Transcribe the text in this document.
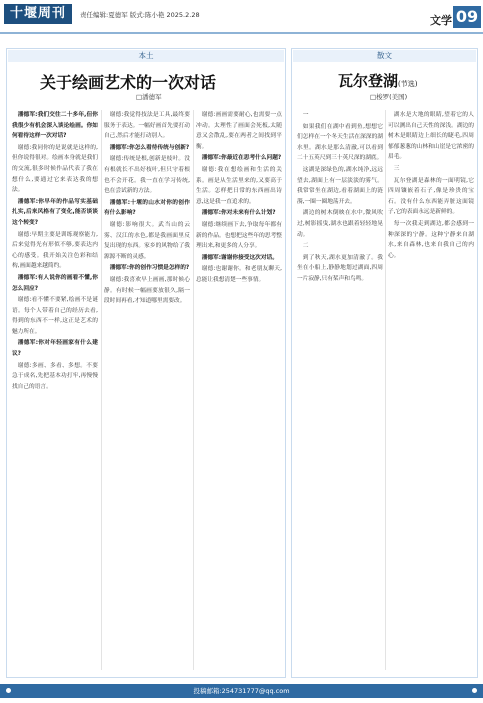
十堰周刊	责任编辑:夏德军 版式:陈小艳 2025.2.28	文学 09
本土	散文
关于绘画艺术的一次对话	瓦尔登湖(节选)
□潘德军	□梭罗(美国)

潘德军:我们交往二十多年,但你我很少有机会深入谈论绘画。你如何看待这样一次对话?

谢德:我同你的是说就是这样的,但你说得很对。绘画本身就是我们的交流,很多时候作品代表了我在想什么,要通过它来表达我的想法。

潘德军:你早年的作品写实基础扎实,后来风格有了变化,能否谈谈这个转变?

谢德:早期主要是训练观察能力,后来觉得光有形似不够,要表达内心的感受。我开始关注色彩和结构,画面越来越简约。

潘德军:有人说你的画看不懂,你怎么回应?

谢德:看不懂不要紧,绘画不是谜语。每个人带着自己的经历去看,得到的东西不一样,这正是艺术的魅力所在。

潘德军:你对年轻画家有什么建议?

谢德:多画、多看、多想。不要急于成名,先把基本功打牢,再慢慢找自己的语言。

谢德:我觉得技法是工具,最终要服务于表达。一幅好画首先要打动自己,然后才能打动别人。

潘德军:你怎么看待传统与创新?

谢德:传统是根,创新是枝叶。没有根就长不出好枝叶,但只守着根也不会开花。我一直在学习传统,也在尝试新的方法。

潘德军:十堰的山水对你的创作有什么影响?

谢德:影响很大。武当山的云雾、汉江的水色,都是我画面里反复出现的东西。家乡的风物给了我源源不断的灵感。

潘德军:你的创作习惯是怎样的?

谢德:我喜欢早上画画,那时候心静。有时候一幅画要放很久,隔一段时间再看,才知道哪里需要改。

谢德:画画需要耐心,也需要一点冲动。太理性了画面会死板,太随意又会散乱,要在两者之间找到平衡。

潘德军:你最近在思考什么问题?

谢德:我在想绘画和生活的关系。画是从生活里来的,又要高于生活。怎样把日常的东西画出诗意,这是我一直追求的。

潘德军:你对未来有什么计划?

谢德:继续画下去,争取每年都有新的作品。也想把这些年的思考整理出来,和更多的人分享。

潘德军:谢谢你接受这次对话。

谢德:也谢谢你。和老朋友聊天,总能让我想清楚一些事情。

一

如果我们在湖中看到鱼,想想它们怎样在一个冬天生活在深深的湖水里。湖水是那么清澈,可以看到二十五英尺到三十英尺深的湖底。

这湖是深绿色的,湖水纯净,远远望去,湖面上有一层淡淡的雾气。我常常坐在湖边,看着湖面上的涟漪,一圈一圈地荡开去。

湖边的树木倒映在水中,微风吹过,树影摇曳,湖水也跟着轻轻地晃动。

二

到了秋天,湖水更加清澈了。我坐在小船上,静静地划过湖面,四周一片寂静,只有桨声和鸟鸣。

湖水是大地的眼睛,望着它的人可以测出自己天性的深浅。湖边的树木是眼睛边上细长的睫毛,四周郁郁葱葱的山林和山崖是它浓密的眉毛。

三

瓦尔登湖是森林的一面明镜,它四周镶嵌着石子,像是珍贵的宝石。没有什么东西能弄脏这面镜子,它的表面永远是新鲜的。

每一次我走到湖边,都会感到一种深深的宁静。这种宁静来自湖水,来自森林,也来自我自己的内心。

投稿邮箱:254731777@qq.com
